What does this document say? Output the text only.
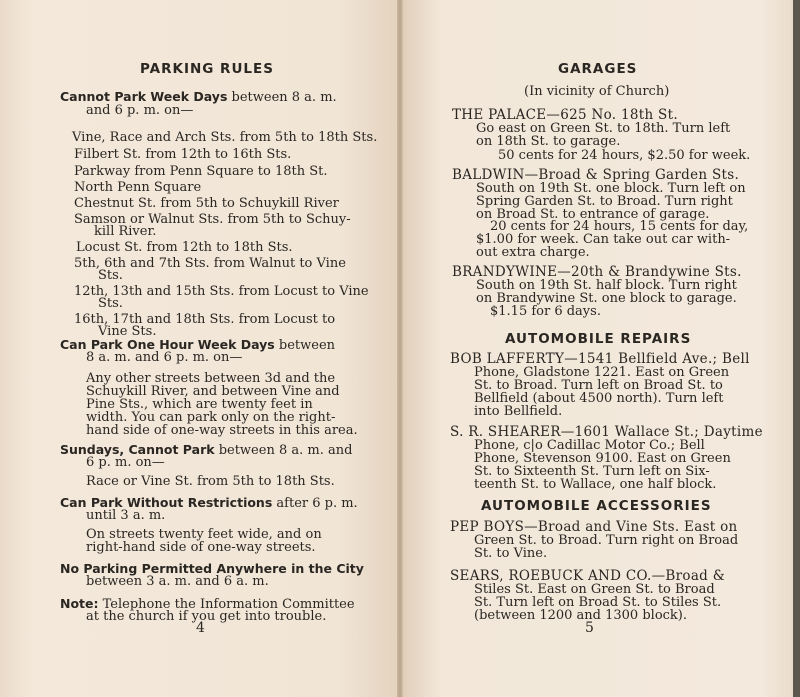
PARKING RULES
Cannot Park Week Days between 8 a. m.
and 6 p. m. on—
Vine, Race and Arch Sts. from 5th to 18th Sts.
Filbert St. from 12th to 16th Sts.
Parkway from Penn Square to 18th St.
North Penn Square
Chestnut St. from 5th to Schuykill River
Samson or Walnut Sts. from 5th to Schuy-
kill River.
Locust St. from 12th to 18th Sts.
5th, 6th and 7th Sts. from Walnut to Vine
Sts.
12th, 13th and 15th Sts. from Locust to Vine
Sts.
16th, 17th and 18th Sts. from Locust to
Vine Sts.
Can Park One Hour Week Days between
8 a. m. and 6 p. m. on—
Any other streets between 3d and the
Schuykill River, and between Vine and
Pine Sts., which are twenty feet in
width. You can park only on the right-
hand side of one-way streets in this area.
Sundays, Cannot Park between 8 a. m. and
6 p. m. on—
Race or Vine St. from 5th to 18th Sts.
Can Park Without Restrictions after 6 p. m.
until 3 a. m.
On streets twenty feet wide, and on
right-hand side of one-way streets.
No Parking Permitted Anywhere in the City
between 3 a. m. and 6 a. m.
Note: Telephone the Information Committee
at the church if you get into trouble.
4
GARAGES
(In vicinity of Church)
THE PALACE—625 No. 18th St.
Go east on Green St. to 18th. Turn left
on 18th St. to garage.
50 cents for 24 hours, $2.50 for week.
BALDWIN—Broad & Spring Garden Sts.
South on 19th St. one block. Turn left on
Spring Garden St. to Broad. Turn right
on Broad St. to entrance of garage.
20 cents for 24 hours, 15 cents for day,
$1.00 for week. Can take out car with-
out extra charge.
BRANDYWINE—20th & Brandywine Sts.
South on 19th St. half block. Turn right
on Brandywine St. one block to garage.
$1.15 for 6 days.
AUTOMOBILE REPAIRS
BOB LAFFERTY—1541 Bellfield Ave.; Bell
Phone, Gladstone 1221. East on Green
St. to Broad. Turn left on Broad St. to
Bellfield (about 4500 north). Turn left
into Bellfield.
S. R. SHEARER—1601 Wallace St.; Daytime
Phone, c|o Cadillac Motor Co.; Bell
Phone, Stevenson 9100. East on Green
St. to Sixteenth St. Turn left on Six-
teenth St. to Wallace, one half block.
AUTOMOBILE ACCESSORIES
PEP BOYS—Broad and Vine Sts. East on
Green St. to Broad. Turn right on Broad
St. to Vine.
SEARS, ROEBUCK AND CO.—Broad &
Stiles St. East on Green St. to Broad
St. Turn left on Broad St. to Stiles St.
(between 1200 and 1300 block).
5
